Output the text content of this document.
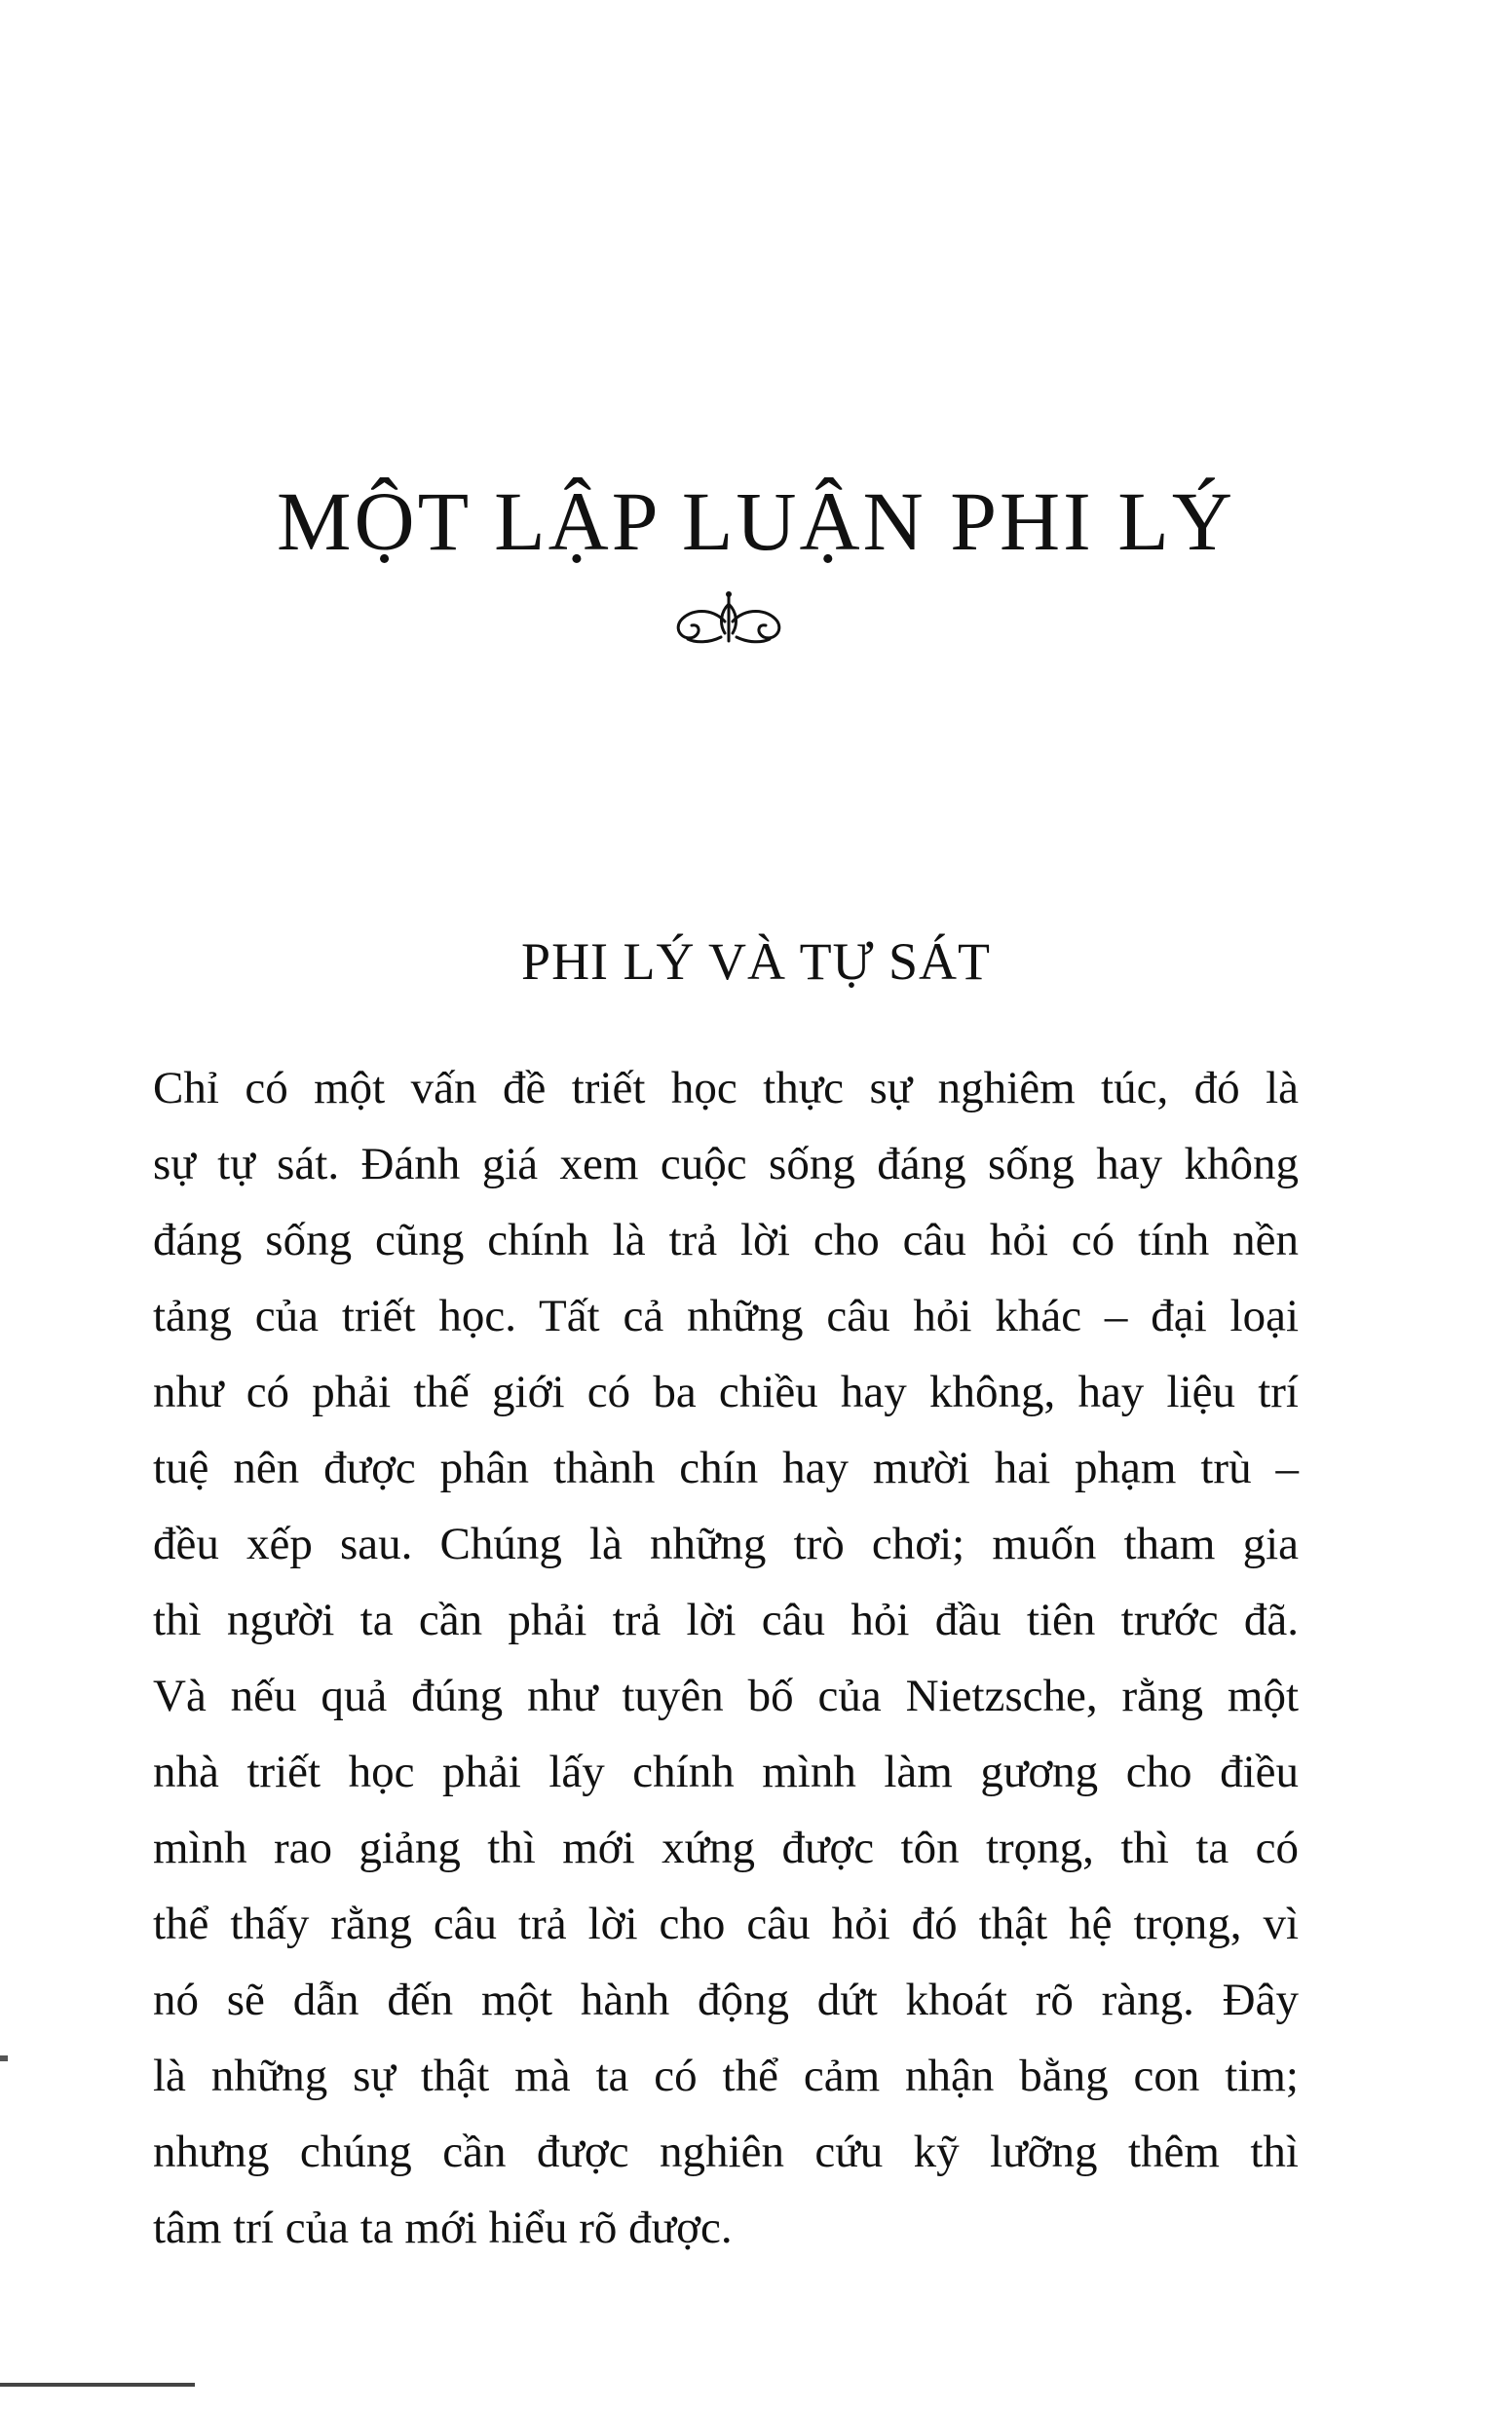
MỘT LẬP LUẬN PHI LÝ
PHI LÝ VÀ TỰ SÁT
Chỉ có một vấn đề triết học thực sự nghiêm túc, đó là
sự tự sát. Đánh giá xem cuộc sống đáng sống hay không
đáng sống cũng chính là trả lời cho câu hỏi có tính nền
tảng của triết học. Tất cả những câu hỏi khác – đại loại
như có phải thế giới có ba chiều hay không, hay liệu trí
tuệ nên được phân thành chín hay mười hai phạm trù –
đều xếp sau. Chúng là những trò chơi; muốn tham gia
thì người ta cần phải trả lời câu hỏi đầu tiên trước đã.
Và nếu quả đúng như tuyên bố của Nietzsche, rằng một
nhà triết học phải lấy chính mình làm gương cho điều
mình rao giảng thì mới xứng được tôn trọng, thì ta có
thể thấy rằng câu trả lời cho câu hỏi đó thật hệ trọng, vì
nó sẽ dẫn đến một hành động dứt khoát rõ ràng. Đây
là những sự thật mà ta có thể cảm nhận bằng con tim;
nhưng chúng cần được nghiên cứu kỹ lưỡng thêm thì
tâm trí của ta mới hiểu rõ được.
